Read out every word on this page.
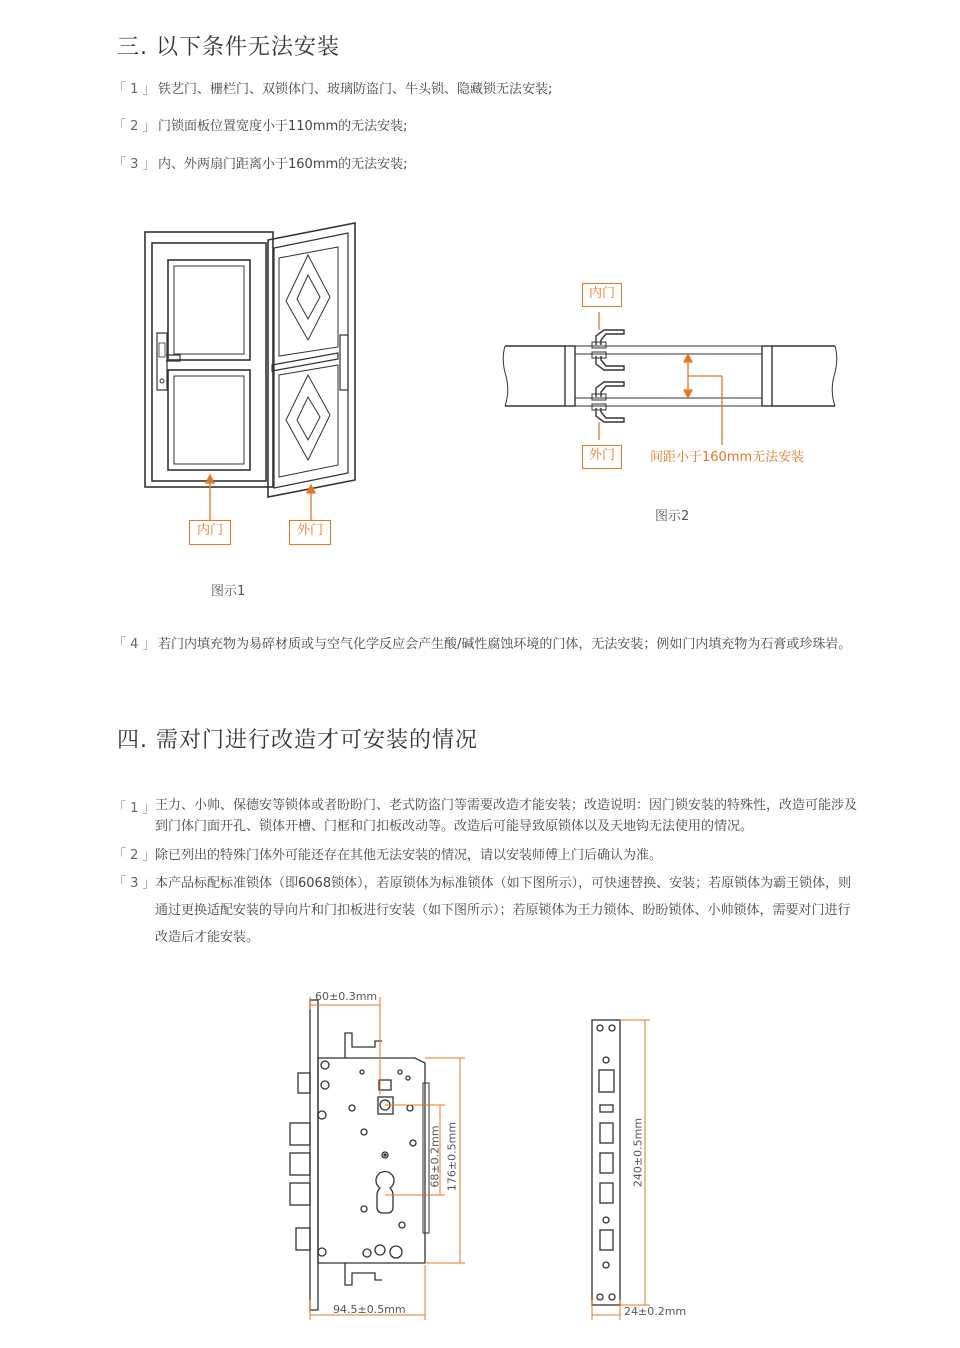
三. 以下条件无法安装
「 1 」 铁艺门、栅栏门、双锁体门、玻璃防盗门、牛头锁、隐藏锁无法安装;
「 2 」 门锁面板位置宽度小于110mm的无法安装;
「 3 」 内、外两扇门距离小于160mm的无法安装;
内门	外门
图示1
内门
外门	间距小于160mm无法安装
图示2
「 4 」 若门内填充物为易碎材质或与空气化学反应会产生酸/碱性腐蚀环境的门体，无法安装；例如门内填充物为石膏或珍珠岩。
四. 需对门进行改造才可安装的情况
「 1 」 王力、小帅、保德安等锁体或者盼盼门、老式防盗门等需要改造才能安装；改造说明：因门锁安装的特殊性，改造可能涉及到门体门面开孔、锁体开槽、门框和门扣板改动等。改造后可能导致原锁体以及天地钩无法使用的情况。
「 2 」 除已列出的特殊门体外可能还存在其他无法安装的情况，请以安装师傅上门后确认为准。
「 3 」 本产品标配标准锁体（即6068锁体），若原锁体为标准锁体（如下图所示），可快速替换、安装；若原锁体为霸王锁体，则通过更换适配安装的导向片和门扣板进行安装（如下图所示）；若原锁体为王力锁体、盼盼锁体、小帅锁体，需要对门进行改造后才能安装。
60±0.3mm
94.5±0.5mm
68±0.2mm 176±0.5mm	240±0.5mm
24±0.2mm
